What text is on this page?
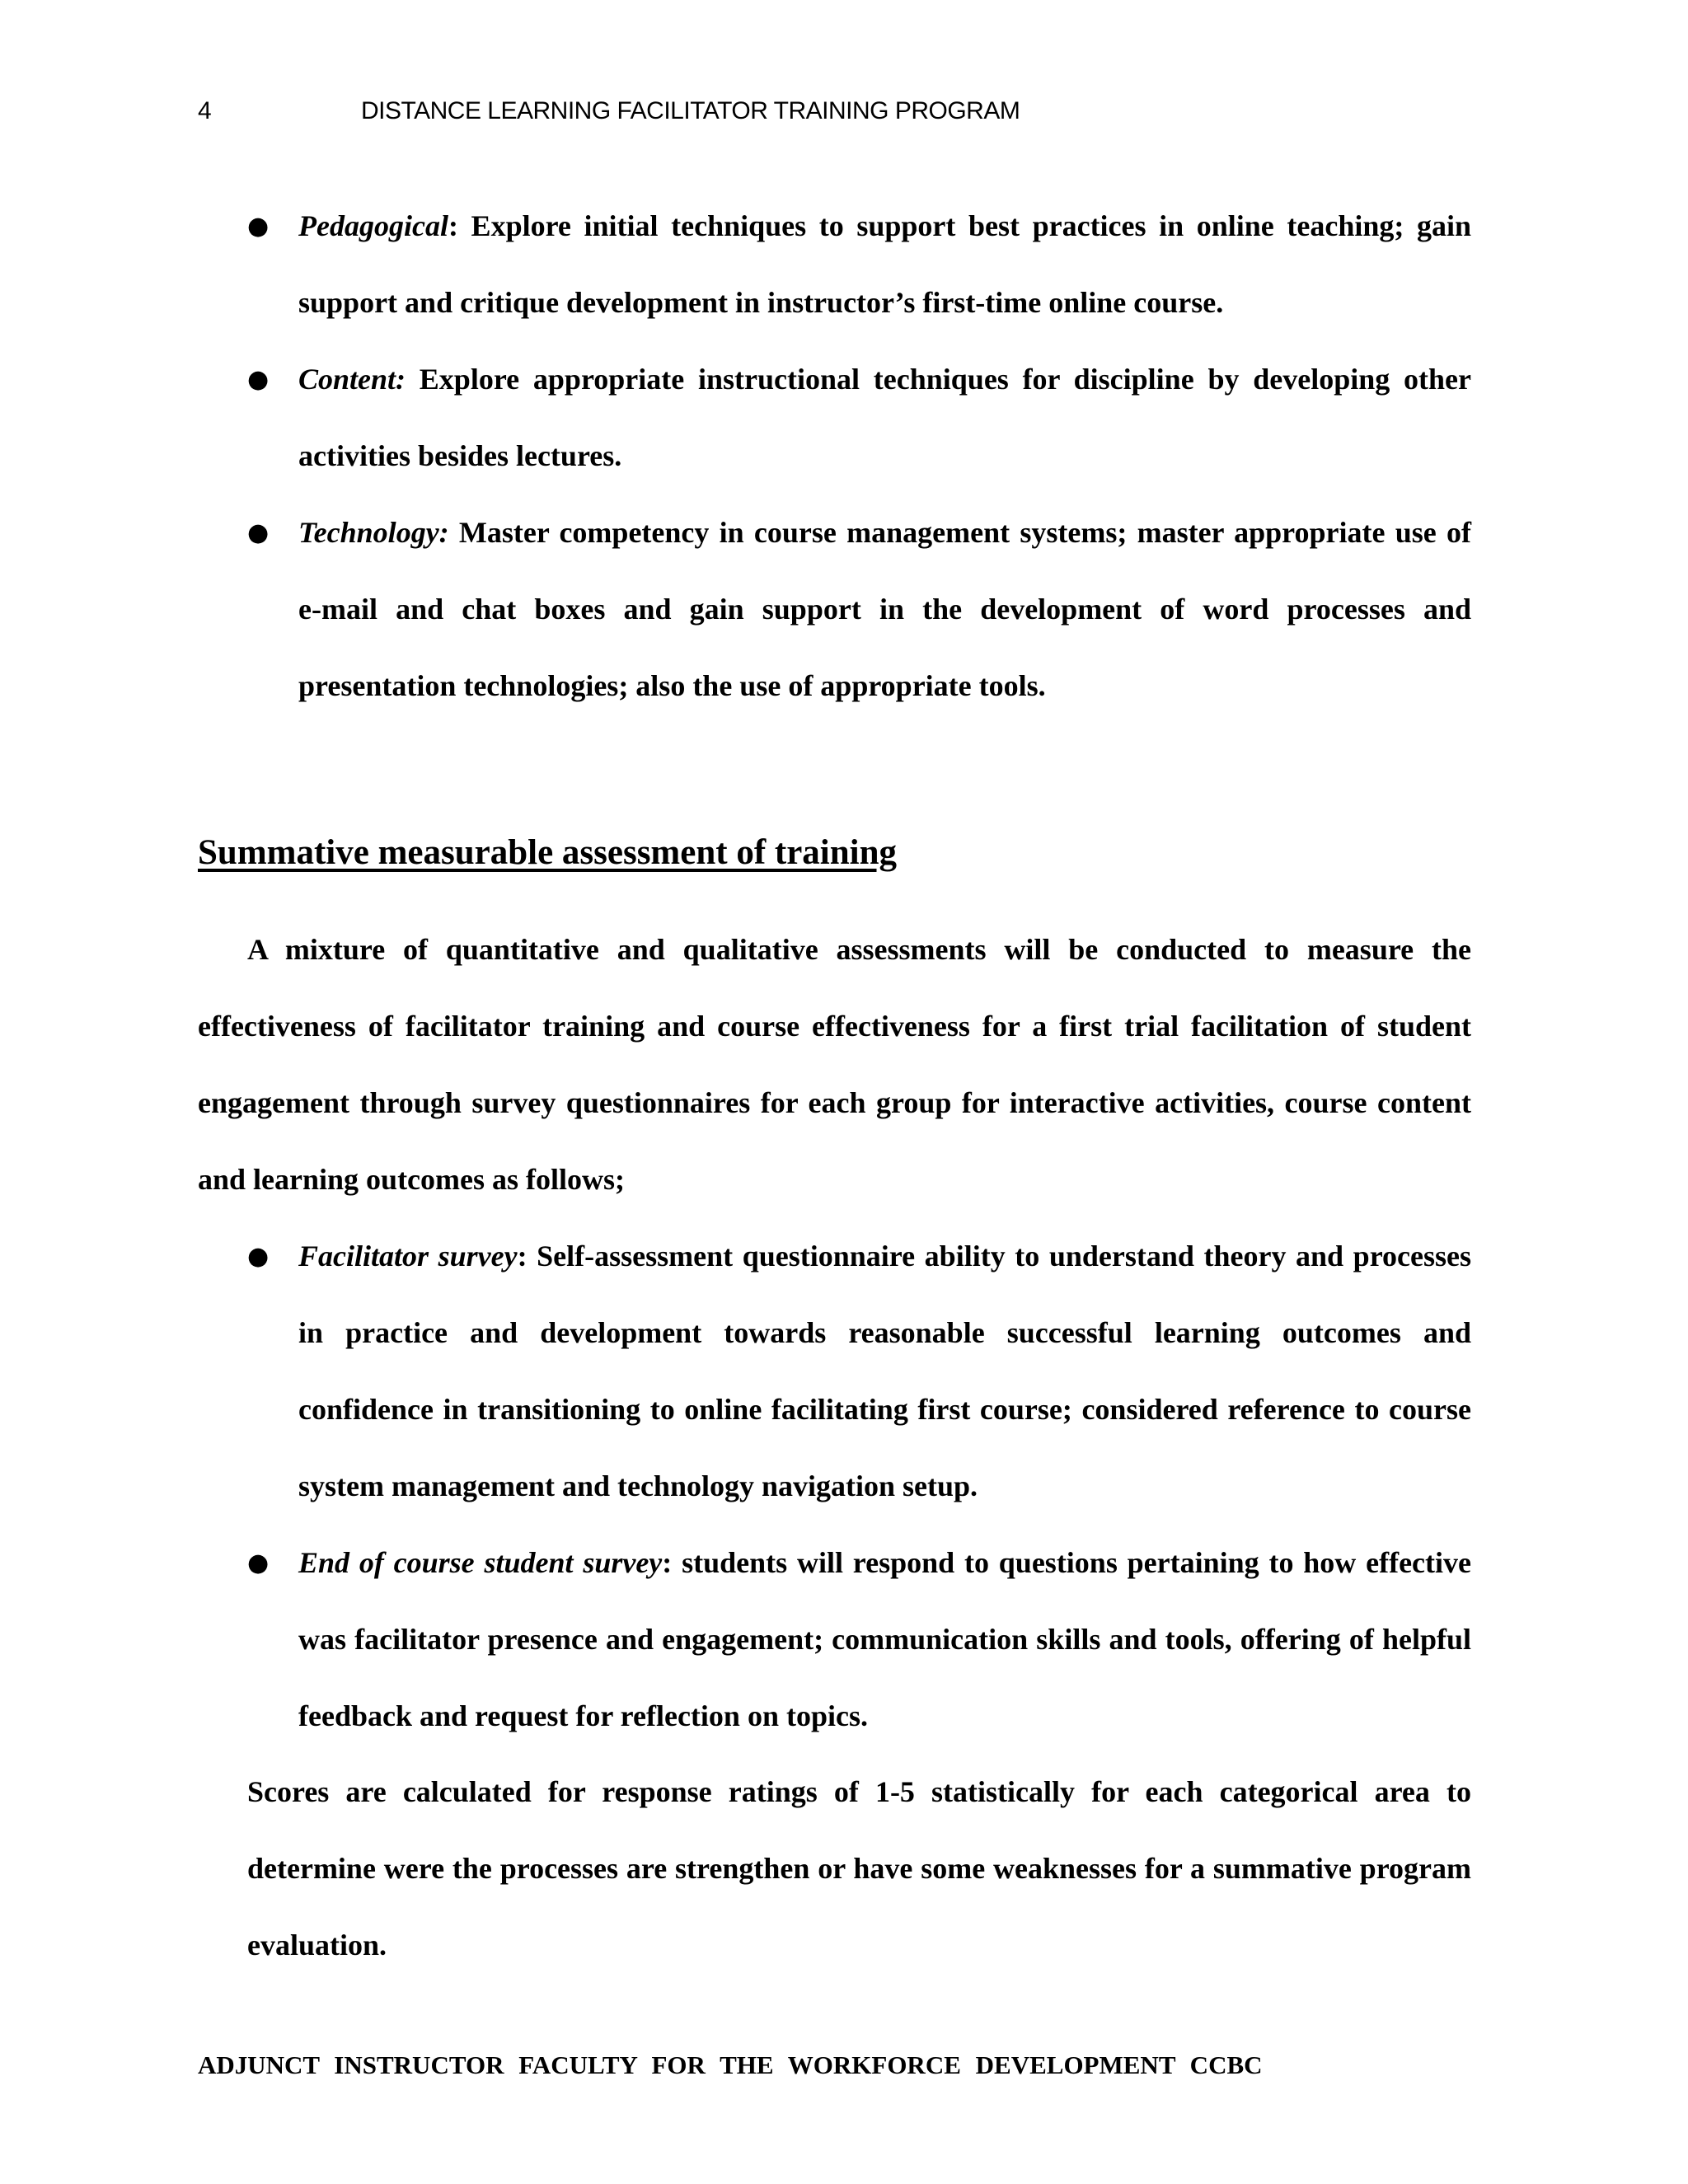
4	DISTANCE LEARNING FACILITATOR TRAINING PROGRAM
● Pedagogical: Explore initial techniques to support best practices in online teaching; gain support and critique development in instructor’s first-time online course.
● Content: Explore appropriate instructional techniques for discipline by developing other activities besides lectures.
● Technology: Master competency in course management systems; master appropriate use of e-mail and chat boxes and gain support in the development of word processes and presentation technologies; also the use of appropriate tools.
Summative measurable assessment of training
A mixture of quantitative and qualitative assessments will be conducted to measure the effectiveness of facilitator training and course effectiveness for a first trial facilitation of student engagement through survey questionnaires for each group for interactive activities, course content and learning outcomes as follows;
● Facilitator survey: Self-assessment questionnaire ability to understand theory and processes in practice and development towards reasonable successful learning outcomes and confidence in transitioning to online facilitating first course; considered reference to course system management and technology navigation setup.
● End of course student survey: students will respond to questions pertaining to how effective was facilitator presence and engagement; communication skills and tools, offering of helpful feedback and request for reflection on topics.
Scores are calculated for response ratings of 1-5 statistically for each categorical area to determine were the processes are strengthen or have some weaknesses for a summative program evaluation.
ADJUNCT INSTRUCTOR FACULTY FOR THE WORKFORCE DEVELOPMENT CCBC
